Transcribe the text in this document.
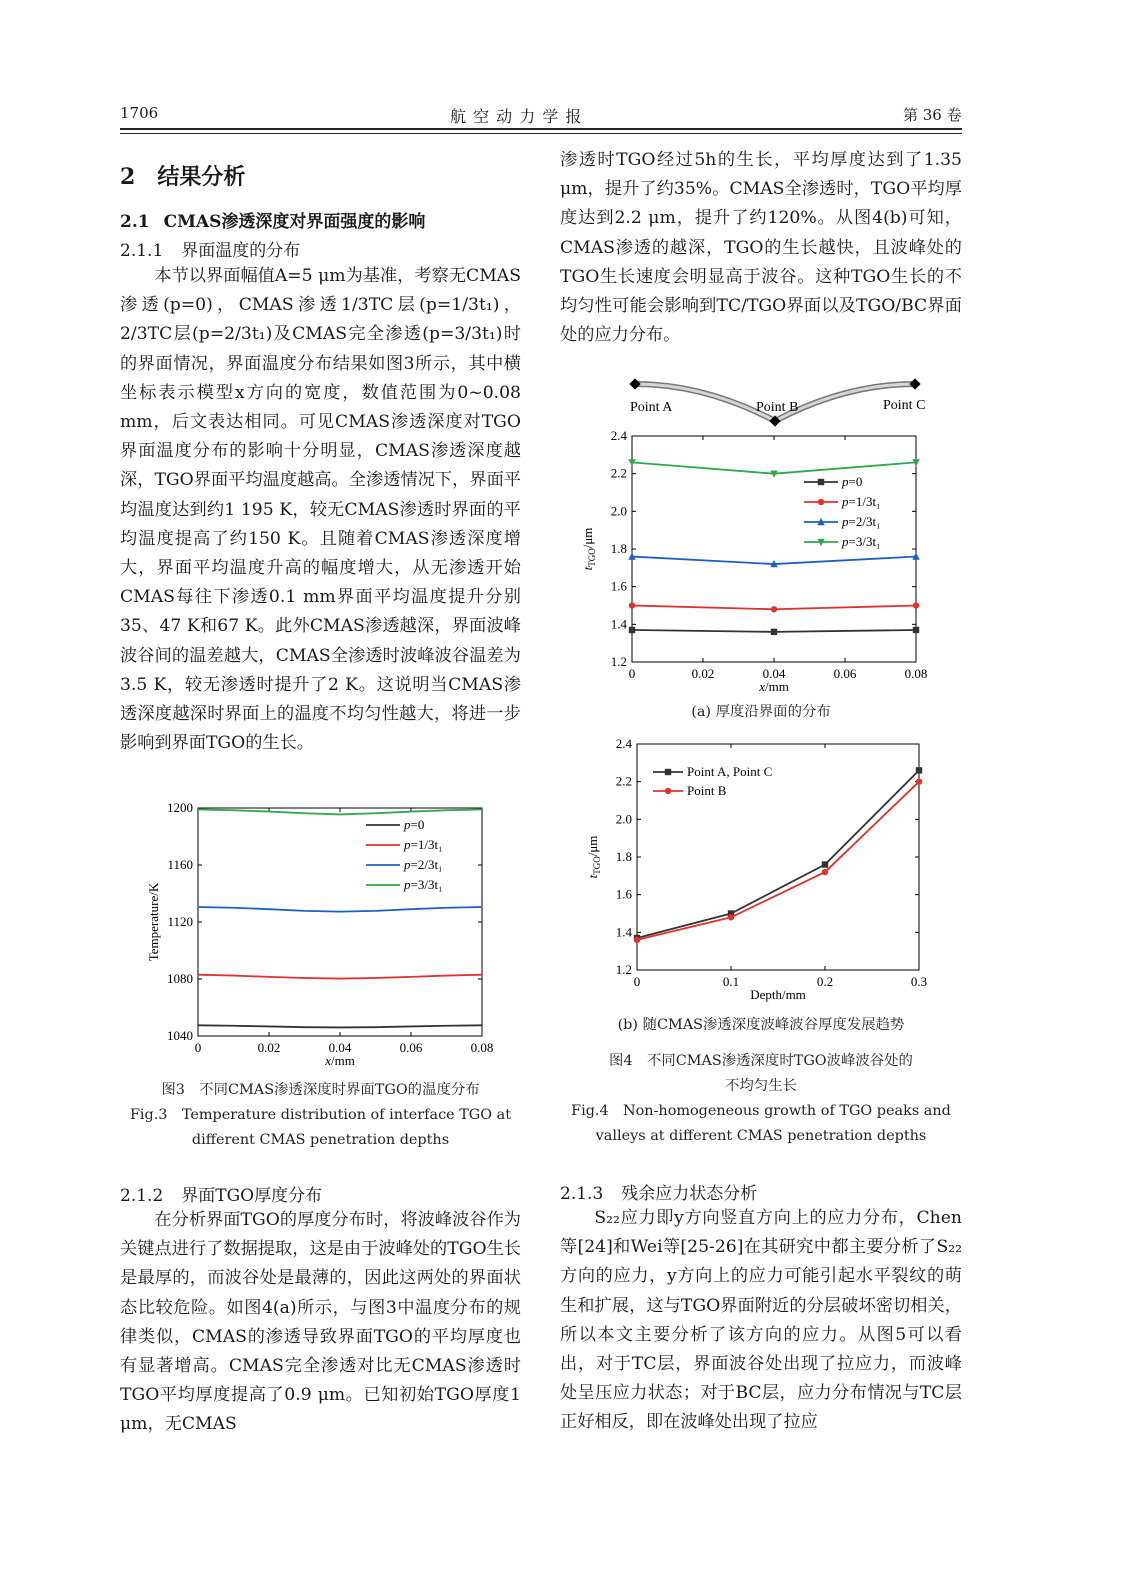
1706	航 空 动 力 学 报	第 36 卷
2 结果分析
2.1 CMAS渗透深度对界面强度的影响
2.1.1 界面温度的分布

本节以界面幅值A=5 μm为基准，考察无CMAS渗透(p=0)，CMAS渗透1/3TC层(p=1/3t₁)，2/3TC层(p=2/3t₁)及CMAS完全渗透(p=3/3t₁)时的界面情况，界面温度分布结果如图3所示，其中横坐标表示模型x方向的宽度，数值范围为0~0.08 mm，后文表达相同。可见CMAS渗透深度对TGO界面温度分布的影响十分明显，CMAS渗透深度越深，TGO界面平均温度越高。全渗透情况下，界面平均温度达到约1 195 K，较无CMAS渗透时界面的平均温度提高了约150 K。且随着CMAS渗透深度增大，界面平均温度升高的幅度增大，从无渗透开始CMAS每往下渗透0.1 mm界面平均温度提升分别35、47 K和67 K。此外CMAS渗透越深，界面波峰波谷间的温差越大，CMAS全渗透时波峰波谷温差为3.5 K，较无渗透时提升了2 K。这说明当CMAS渗透深度越深时界面上的温度不均匀性越大，将进一步影响到界面TGO的生长。

0	0.02	0.04	0.06	0.08
1040
1080
1120
1160
1200
x/mm
Temperature/K
p=0
p=1/3t₁
p=2/3t₁
p=3/3t₁
图3　不同CMAS渗透深度时界面TGO的温度分布
Fig.3　Temperature distribution of interface TGO at
different CMAS penetration depths
2.1.2 界面TGO厚度分布

在分析界面TGO的厚度分布时，将波峰波谷作为关键点进行了数据提取，这是由于波峰处的TGO生长是最厚的，而波谷处是最薄的，因此这两处的界面状态比较危险。如图4(a)所示，与图3中温度分布的规律类似，CMAS的渗透导致界面TGO的平均厚度也有显著增高。CMAS完全渗透对比无CMAS渗透时TGO平均厚度提高了0.9 μm。已知初始TGO厚度1 μm，无CMAS

渗透时TGO经过5h的生长，平均厚度达到了1.35 μm，提升了约35%。CMAS全渗透时，TGO平均厚度达到2.2 μm，提升了约120%。从图4(b)可知，CMAS渗透的越深，TGO的生长越快，且波峰处的TGO生长速度会明显高于波谷。这种TGO生长的不均匀性可能会影响到TC/TGO界面以及TGO/BC界面处的应力分布。

Point A	Point B	Point C
0	0.02	0.04	0.06	0.08
1.2
1.4
1.6
1.8
2.0
2.2
2.4
x/mm
$t_{TGO}/\mu m$
p=0
p=1/3t₁
p=2/3t₁
p=3/3t₁
(a) 厚度沿界面的分布
0	0.1	0.2	0.3
1.2
1.4
1.6
1.8
2.0
2.2
2.4
Depth/mm
$t_{TGO}/\mu m$
Point A, Point C
Point B
(b) 随CMAS渗透深度波峰波谷厚度发展趋势
图4　不同CMAS渗透深度时TGO波峰波谷处的
不均匀生长
Fig.4　Non-homogeneous growth of TGO peaks and
valleys at different CMAS penetration depths
2.1.3 残余应力状态分析

S₂₂应力即y方向竖直方向上的应力分布，Chen等[24]和Wei等[25-26]在其研究中都主要分析了S₂₂方向的应力，y方向上的应力可能引起水平裂纹的萌生和扩展，这与TGO界面附近的分层破坏密切相关，所以本文主要分析了该方向的应力。从图5可以看出，对于TC层，界面波谷处出现了拉应力，而波峰处呈压应力状态；对于BC层，应力分布情况与TC层正好相反，即在波峰处出现了拉应
